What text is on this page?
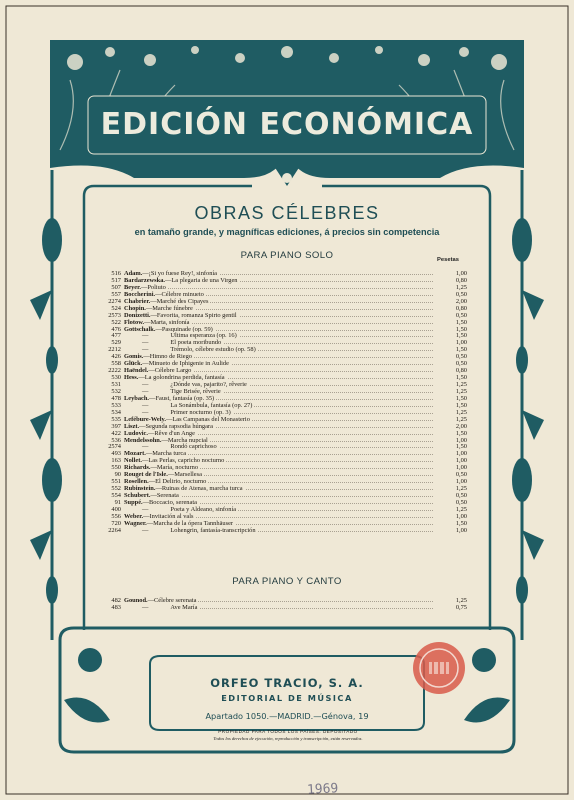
EDICIÓN ECONÓMICA
OBRAS CÉLEBRES
en tamaño grande, y magníficas ediciones, á precios sin competencia
PARA PIANO SOLO	Pesetas
516 Adam.—¡Si yo fuese Rey!, sinfonía	1,00
517 Bardarzewska.—La plegaria de una Virgen	0,80
507 Beyer.—Poliuto	1,25
557 Boccherini.—Célebre minueto	0,50
2274 Chabrier.—Marché des Cipayes	2,00
524 Chopin.—Marche fúnebre	0,80
2573 Donizetti.—Favorita, romanza Spirto gentil	0,50
522 Flotow.—Marta, sinfonía	1,50
476 Gottschalk.—Pasquinade (op. 59)	1,50
477	—	Ultima esperanza (op. 16)	1,50
529	—	El poeta moribundo	1,00
2212	—	Trémolo, célebre estudio (op. 58)	1,50
426 Gomis.—Himno de Riego	0,50
558 Glück.—Minueto de Iphigenie in Aulide	0,50
2222 Haëndel.—Célebre Largo	0,80
530 Hess.—La golondrina perdida, fantasía	1,50
531	—	¿Dónde vas, pajarito?, rêverie	1,25
532	—	Tige Brisée, rêverie	1,25
478 Leybach.—Faust, fantasía (op. 35)	1,50
533	—	La Sonámbula, fantasía (op. 27)	1,50
534	—	Primer nocturno (op. 3)	1,25
535 Lefébure-Wely.—Las Campanas del Monasterio	1,25
397 Liszt.—Segunda rapsodia húngara	2,00
422 Ludovic.—Rêve d'un Ange	1,50
536 Mendelssohn.—Marcha nupcial	1,00
2574	—	Rondó caprichoso	1,50
493 Mozart.—Marcha turca	1,00
163 Nollet.—Las Perlas, capricho nocturno	1,00
550 Richards.—María, nocturno	1,00
90 Rouget de l'Isle.—Marsellesa	0,50
551 Rosellen.—El Delirio, nocturno	1,00
552 Rubinstein.—Ruinas de Atenas, marcha turca	1,25
554 Schubert.—Serenata	0,50
91 Suppé.—Boccacio, serenata	0,50
400	—	Poeta y Aldeano, sinfonía	1,25
556 Weber.—Invitación al vals	1,00
720 Wagner.—Marcha de la ópera Tannhäuser	1,50
2264	—	Lohengrin, fantasía-transcripción	1,00
PARA PIANO Y CANTO
482 Gounod.—Célebre serenata	1,25
483	—	Ave María	0,75
ORFEO TRACIO, S. A.
EDITORIAL DE MÚSICA
Apartado 1050.—MADRID.—Génova, 19
PROPIEDAD PARA TODOS LOS PAÍSES. DEPOSITADO
Todos los derechos de ejecución, reproducción y transcripción, están reservados.
1969
